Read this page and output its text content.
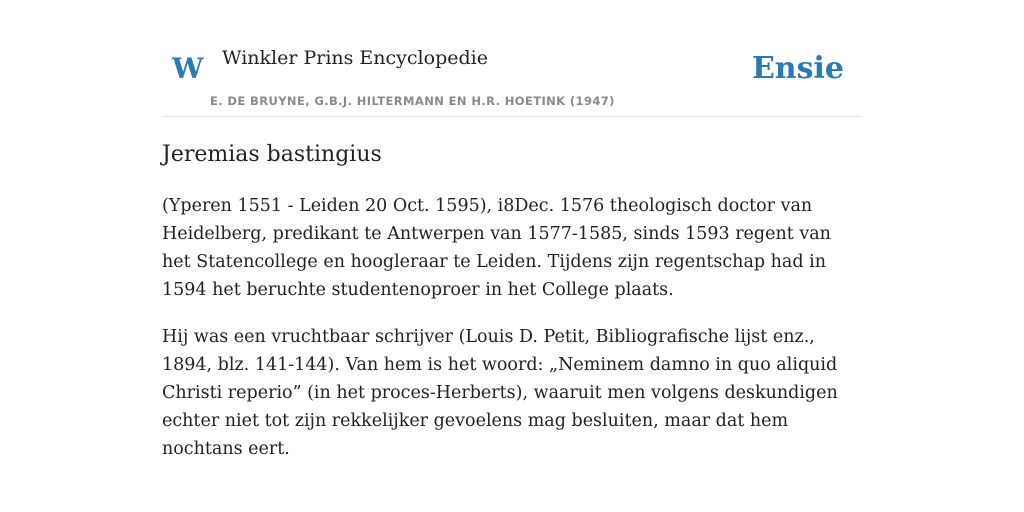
W Winkler Prins Encyclopedie
E. DE BRUYNE, G.B.J. HILTERMANN EN H.R. HOETINK (1947)
Ensie
Jeremias bastingius

(Yperen 1551 - Leiden 20 Oct. 1595), i8Dec. 1576 theologisch doctor van Heidelberg, predikant te Antwerpen van 1577-1585, sinds 1593 regent van het Statencollege en hoogleraar te Leiden. Tijdens zijn regentschap had in 1594 het beruchte studentenoproer in het College plaats.

Hij was een vruchtbaar schrijver (Louis D. Petit, Bibliografische lijst enz., 1894, blz. 141-144). Van hem is het woord: „Neminem damno in quo aliquid Christi reperio” (in het proces-Herberts), waaruit men volgens deskundigen echter niet tot zijn rekkelijker gevoelens mag besluiten, maar dat hem nochtans eert.
